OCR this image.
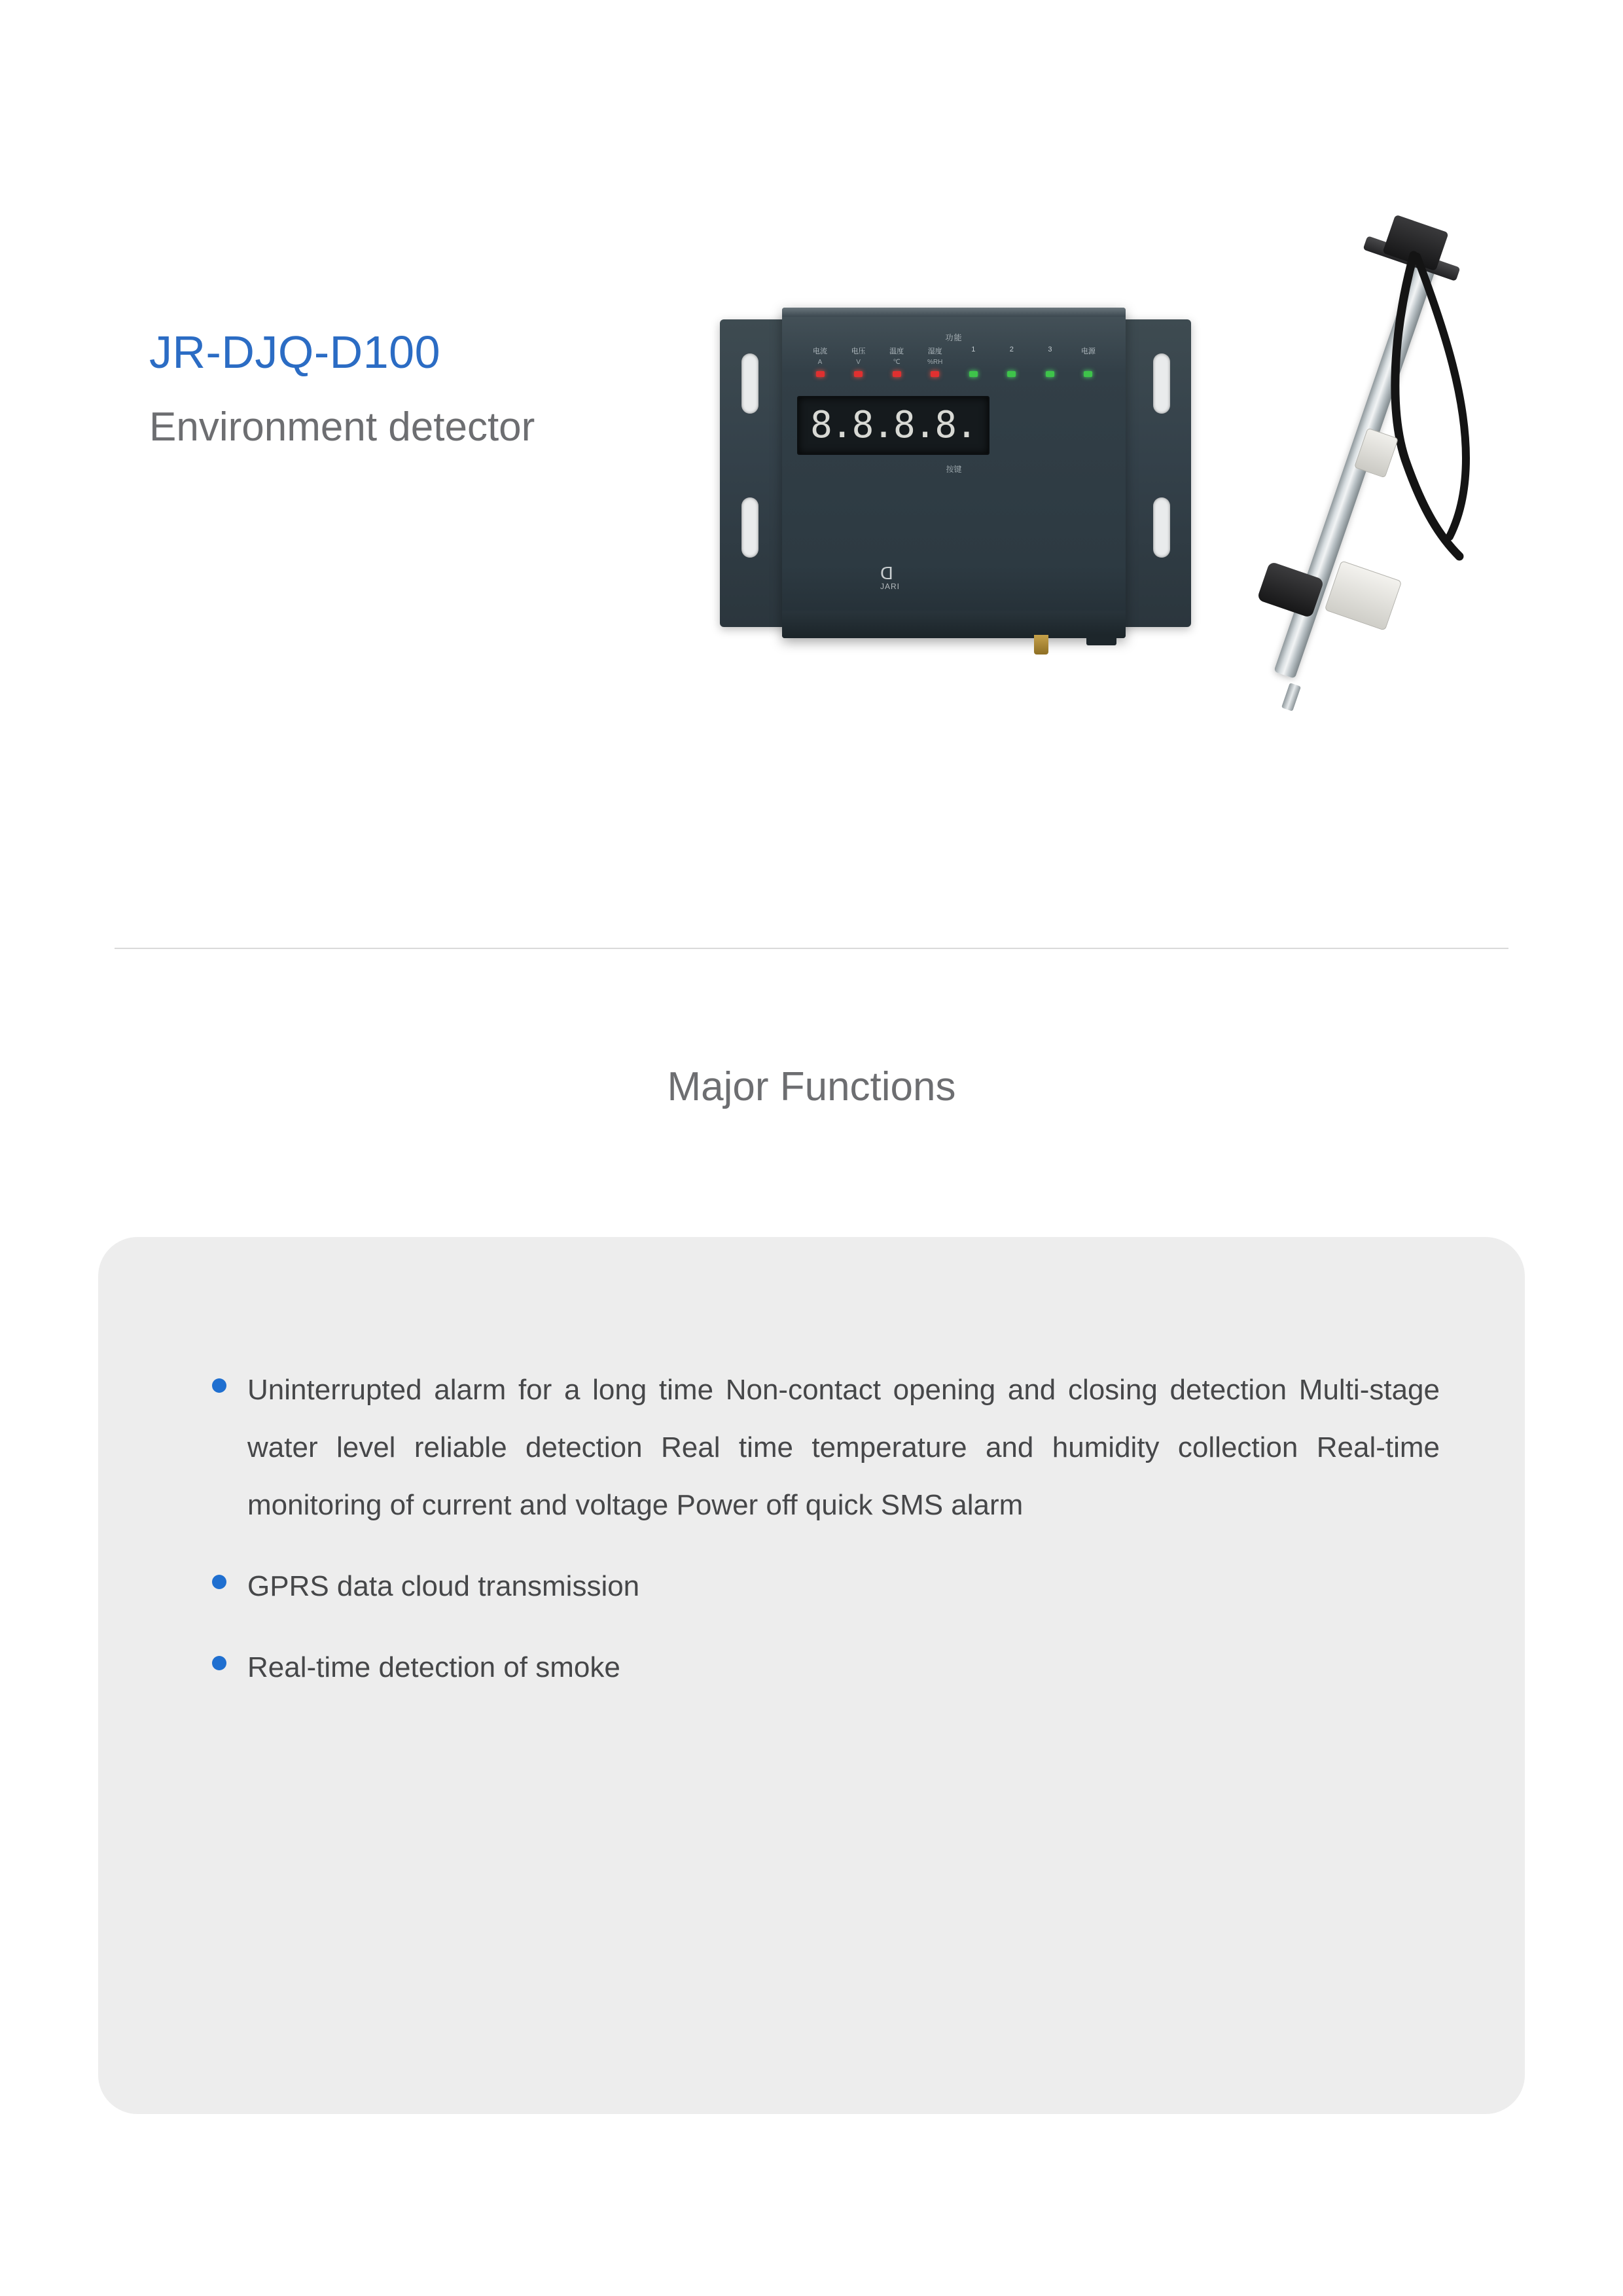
JR-DJQ-D100
Environment detector
功能
电流	电压	温度	湿度	1	2	3	电源
A	V	℃	%RH
按键
ᗡ
JARI
8.8.8.8.
Major Functions
Uninterrupted alarm for a long time Non‑contact opening and closing detection Multi‑stage water level reliable detection Real time temperature and humidity collection Real-time monitoring of current and voltage Power off quick SMS alarm
GPRS data cloud transmission
Real-time detection of smoke
